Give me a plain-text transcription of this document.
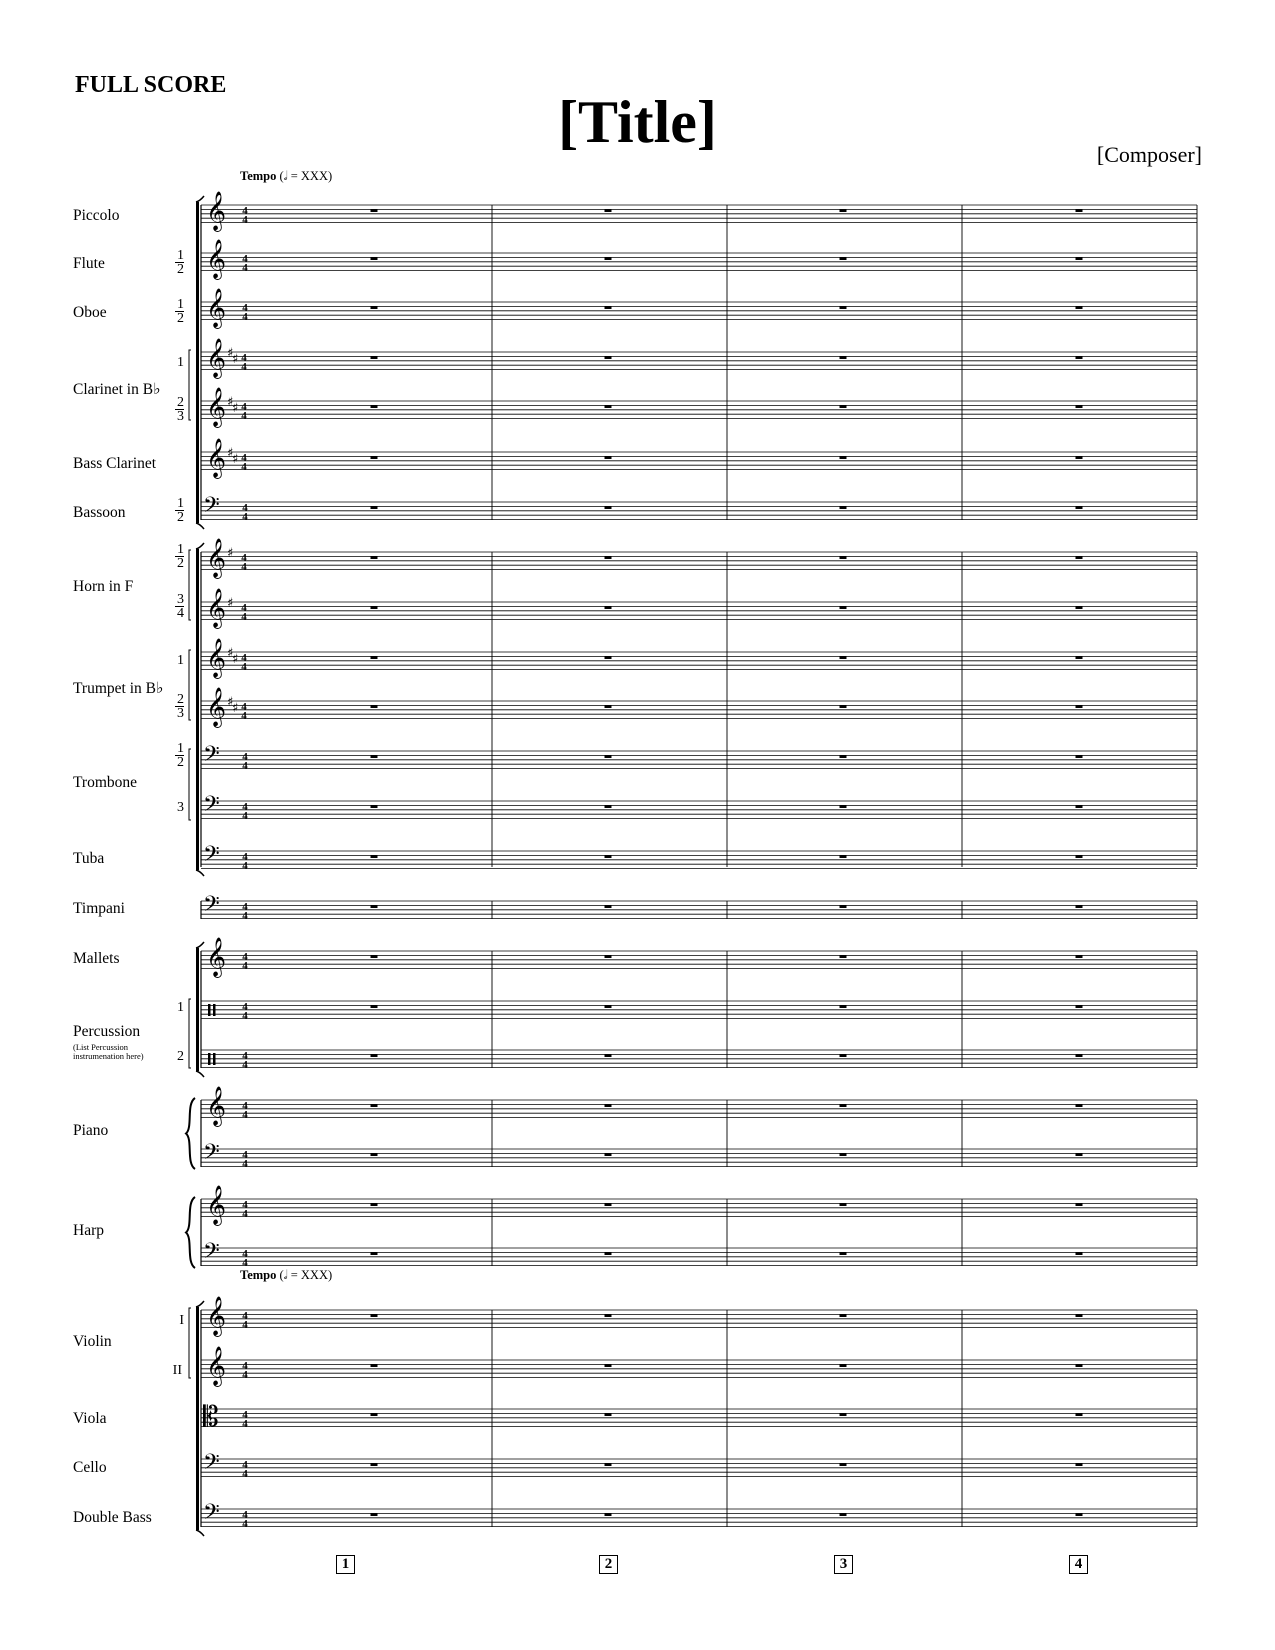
FULL SCORE
[Title]	[Composer]
Tempo (𝅗𝅥 = XXX)
Tempo (𝅗𝅥 = XXX)
Piccolo
Flute
Oboe
Clarinet in B♭
Bass Clarinet
Bassoon
Horn in F
Trumpet in B♭
Trombone
Tuba
Timpani
Mallets
Percussion
(List Percussion instrumenation here)
Piano
Harp
Violin
Viola
Cello
Double Bass
1
2
1
2
1
2
3
1
2
1
2
3
4
1
2
3
1
2
3
1
2
I
II
𝄞 4
4
𝄞 4
4
𝄞 4
4
𝄞 ♯
♯ 4
4
𝄞 ♯
♯ 4
4
𝄞 ♯
♯ 4
4
𝄢 4
4
𝄞 ♯ 4
4
𝄞 ♯ 4
4
𝄞 ♯
♯ 4
4
𝄞 ♯
♯ 4
4
𝄢 4
4
𝄢 4
4
𝄢 4
4
𝄢 4
4
𝄞 4
4
4
4
4
4
𝄞 4
4
𝄢 4
4
𝄞 4
4
𝄢 4
4
𝄞 4
4
𝄞 4
4
𝄡 4
4
𝄢 4
4
𝄢 4
4
1	2	3	4
